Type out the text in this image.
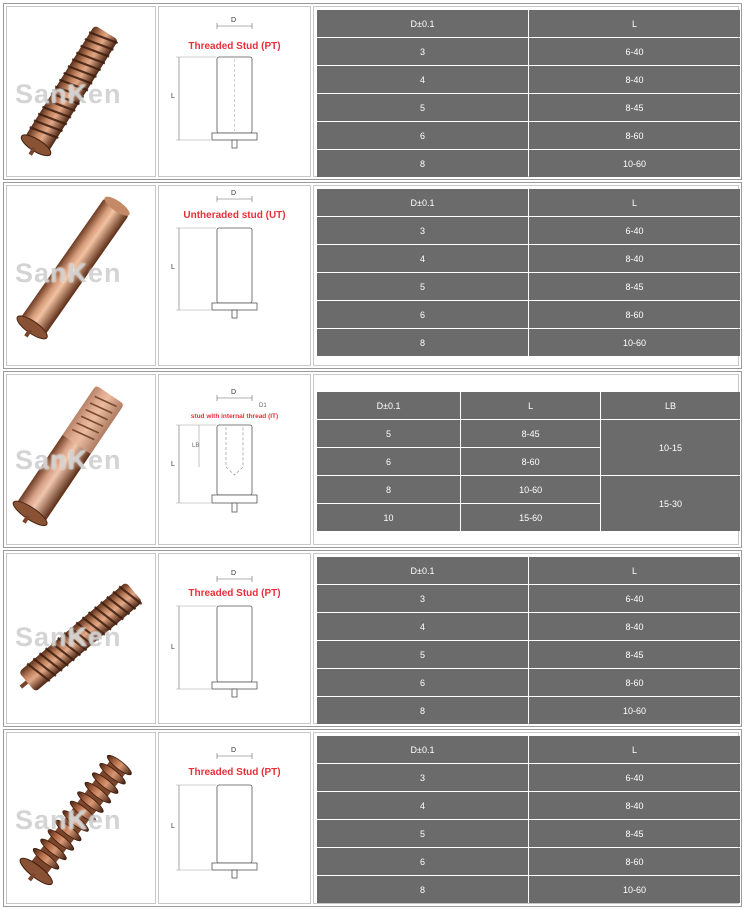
SanKen
Threaded Stud (PT)
D
L
D±0.1	L
3	6-40
4	8-40
5	8-45
6	8-60
8	10-60
SanKen
Untheraded stud (UT)
D
L
D±0.1	L
3	6-40
4	8-40
5	8-45
6	8-60
8	10-60
SanKen
stud with internal thread (IT)
D
D1
L
LB
D±0.1	L	LB
5	8-45	10-15
6	8-60	
8	10-60	15-30
10	15-60	
SanKen
Threaded Stud (PT)
D
L
D±0.1	L
3	6-40
4	8-40
5	8-45
6	8-60
8	10-60
SanKen
Threaded Stud (PT)
D
L
D±0.1	L
3	6-40
4	8-40
5	8-45
6	8-60
8	10-60
